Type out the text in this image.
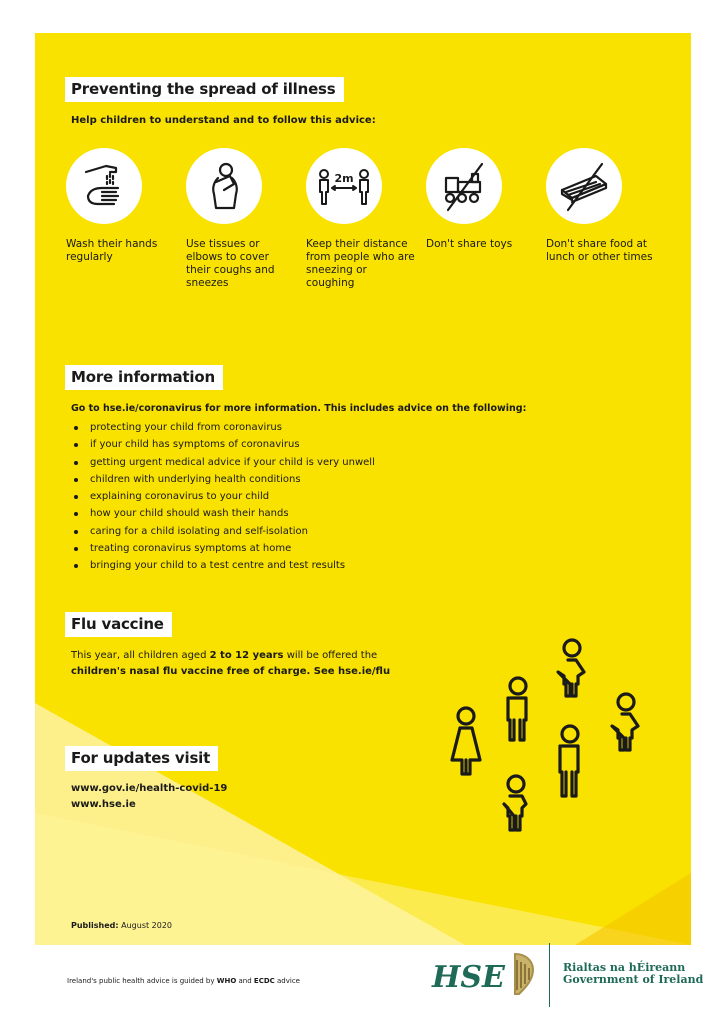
Preventing the spread of illness
Help children to understand and to follow this advice:
Wash their hands regularly
Use tissues or elbows to cover their coughs and sneezes
2m
Keep their distance from people who are sneezing or coughing
Don't share toys	Don't share food at lunch or other times
More information
Go to hse.ie/coronavirus for more information. This includes advice on the following:
protecting your child from coronavirus
if your child has symptoms of coronavirus
getting urgent medical advice if your child is very unwell
children with underlying health conditions
explaining coronavirus to your child
how your child should wash their hands
caring for a child isolating and self-isolation
treating coronavirus symptoms at home
bringing your child to a test centre and test results
Flu vaccine
This year, all children aged 2 to 12 years will be offered the
children's nasal flu vaccine free of charge. See hse.ie/flu
For updates visit
www.gov.ie/health-covid-19
www.hse.ie
Published: August 2020
Ireland's public health advice is guided by WHO and ECDC advice	HSE	Rialtas na hÉireann
Government of Ireland
